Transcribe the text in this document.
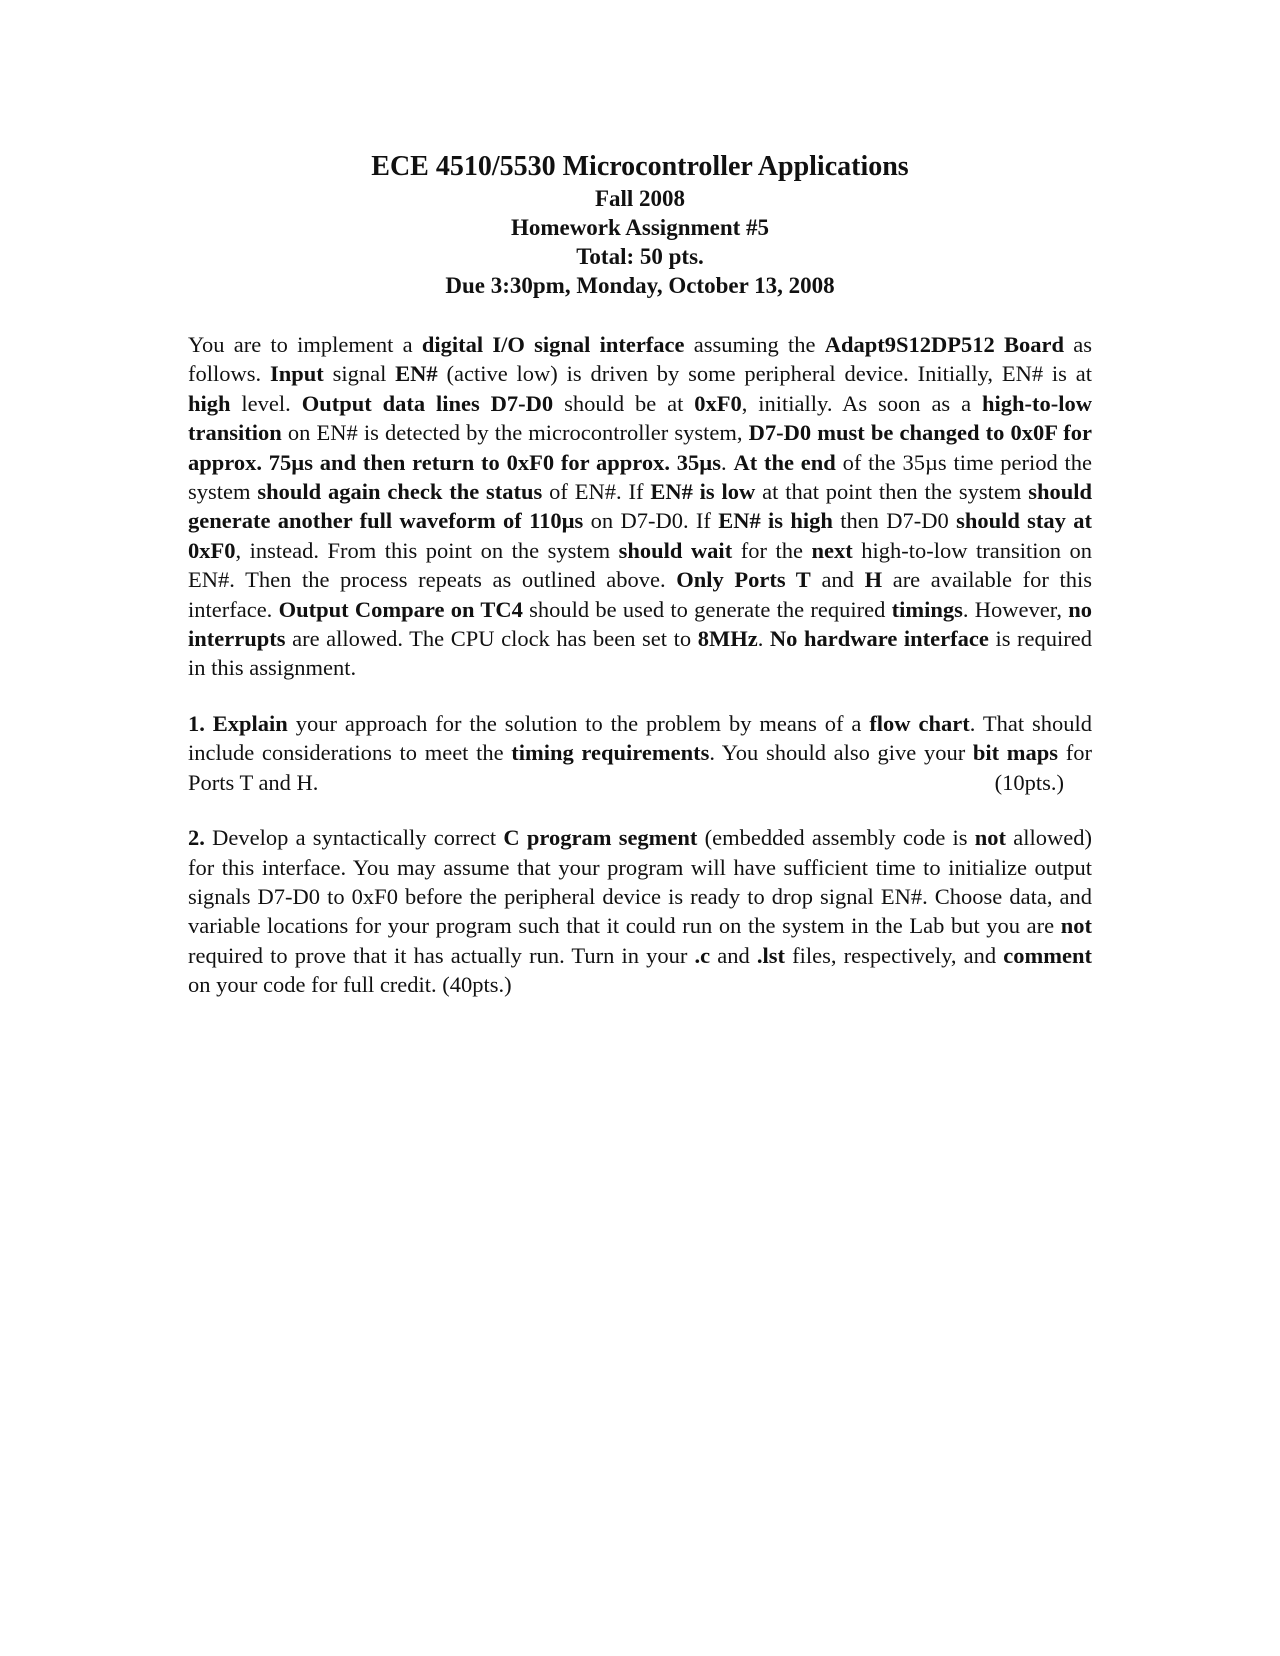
ECE 4510/5530 Microcontroller Applications
Fall 2008
Homework Assignment #5
Total: 50 pts.
Due 3:30pm, Monday, October 13, 2008

You are to implement a digital I/O signal interface assuming the Adapt9S12DP512 Board as follows. Input signal EN# (active low) is driven by some peripheral device. Initially, EN# is at high level. Output data lines D7-D0 should be at 0xF0, initially. As soon as a high-to-low transition on EN# is detected by the microcontroller system, D7-D0 must be changed to 0x0F for approx. 75µs and then return to 0xF0 for approx. 35µs. At the end of the 35µs time period the system should again check the status of EN#. If EN# is low at that point then the system should generate another full waveform of 110µs on D7-D0. If EN# is high then D7-D0 should stay at 0xF0, instead. From this point on the system should wait for the next high-to-low transition on EN#. Then the process repeats as outlined above. Only Ports T and H are available for this interface. Output Compare on TC4 should be used to generate the required timings. However, no interrupts are allowed. The CPU clock has been set to 8MHz. No hardware interface is required in this assignment.

1. Explain your approach for the solution to the problem by means of a flow chart. That should include considerations to meet the timing requirements. You should also give your bit maps for Ports T and H.	(10pts.)

2. Develop a syntactically correct C program segment (embedded assembly code is not allowed) for this interface. You may assume that your program will have sufficient time to initialize output signals D7-D0 to 0xF0 before the peripheral device is ready to drop signal EN#. Choose data, and variable locations for your program such that it could run on the system in the Lab but you are not required to prove that it has actually run. Turn in your .c and .lst files, respectively, and comment on your code for full credit. (40pts.)
